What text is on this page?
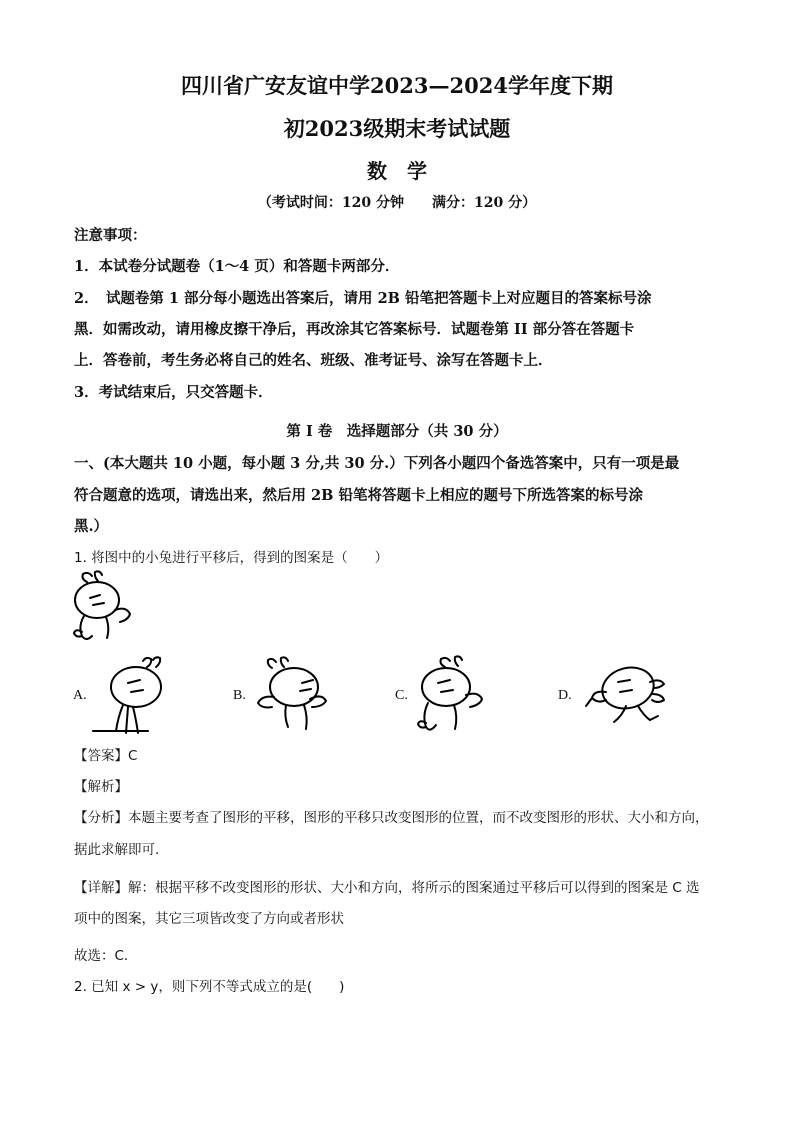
四川省广安友谊中学2023—2024学年度下期
初2023级期末考试试题
数　学
（考试时间：120 分钟　　满分：120 分）
注意事项：
1．本试卷分试题卷（1～4 页）和答题卡两部分．
2．　试题卷第 1 部分每小题选出答案后，请用 2B 铅笔把答题卡上对应题目的答案标号涂
黑．如需改动，请用橡皮擦干净后，再改涂其它答案标号．试题卷第 II 部分答在答题卡
上．答卷前，考生务必将自己的姓名、班级、准考证号、涂写在答题卡上．
3．考试结束后，只交答题卡．
第 I 卷　选择题部分（共 30 分）
一、(本大题共 10 小题，每小题 3 分,共 30 分.）下列各小题四个备选答案中，只有一项是最
符合题意的选项，请选出来，然后用 2B 铅笔将答题卡上相应的题号下所选答案的标号涂
黑.）
1. 将图中的小兔进行平移后，得到的图案是（　　）
A.	B.	C.	D.
【答案】C
【解析】
【分析】本题主要考查了图形的平移，图形的平移只改变图形的位置，而不改变图形的形状、大小和方向，
据此求解即可．
【详解】解：根据平移不改变图形的形状、大小和方向，将所示的图案通过平移后可以得到的图案是 C 选
项中的图案，其它三项皆改变了方向或者形状
故选：C．
2. 已知 x > y，则下列不等式成立的是(　　)
